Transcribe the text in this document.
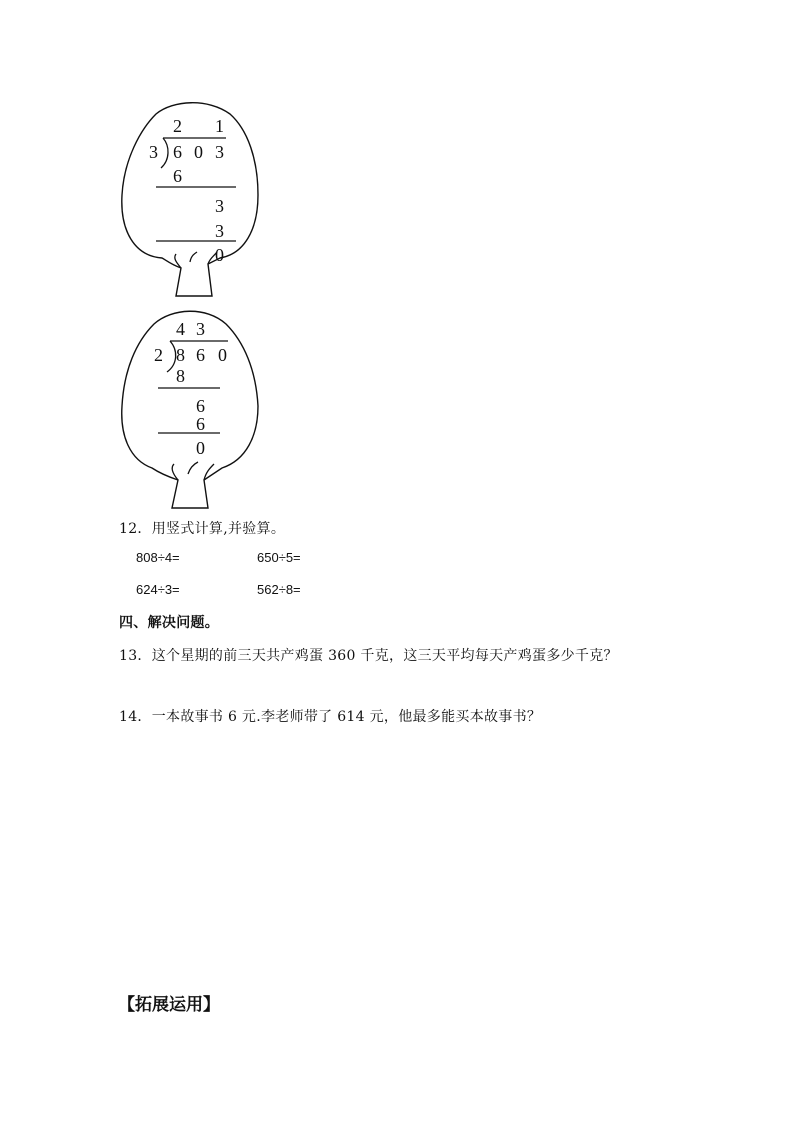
2 1
3 6 0 3
6
3
3
0
4 3
2 8 6 0
8
6
6
0
12．用竖式计算,并验算。
808÷4=	650÷5=
624÷3=	562÷8=
四、解决问题。
13．这个星期的前三天共产鸡蛋 360 千克，这三天平均每天产鸡蛋多少千克？
14．一本故事书 6 元.李老师带了 614 元，他最多能买本故事书？
【拓展运用】
